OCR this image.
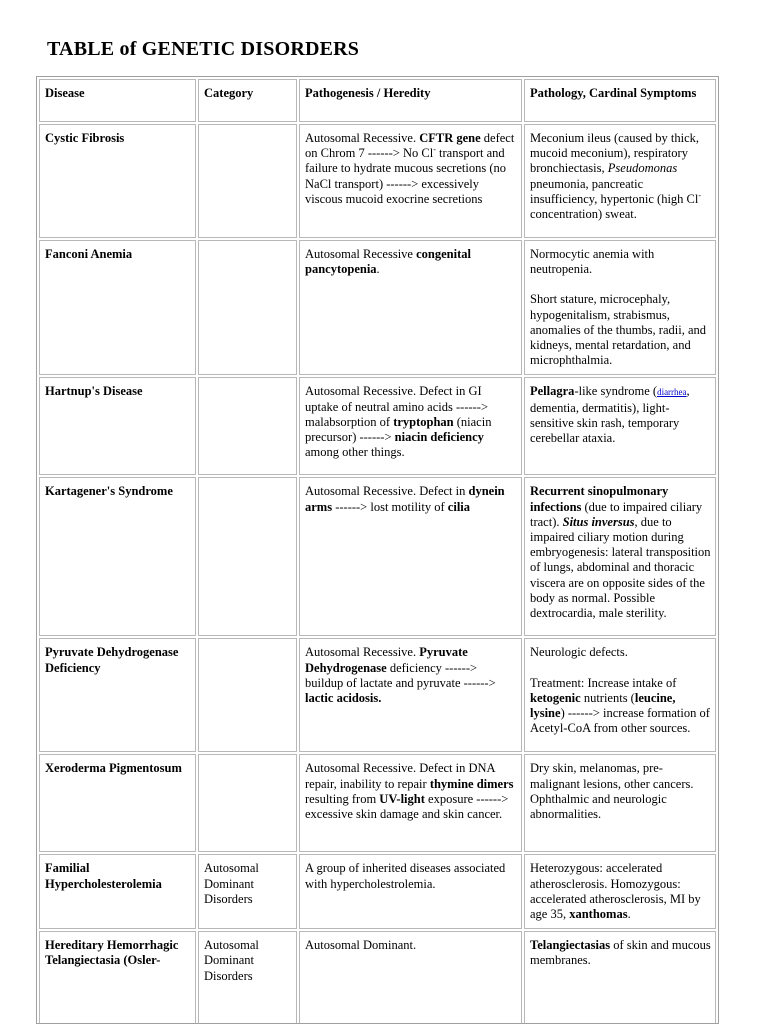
TABLE of GENETIC DISORDERS
Disease	Category	Pathogenesis / Heredity	Pathology, Cardinal Symptoms
Cystic Fibrosis		Autosomal Recessive. CFTR gene defect on Chrom 7 ------> No Cl- transport and failure to hydrate mucous secretions (no NaCl transport) ------> excessively viscous mucoid exocrine secretions	Meconium ileus (caused by thick, mucoid meconium), respiratory bronchiectasis, Pseudomonas pneumonia, pancreatic insufficiency, hypertonic (high Cl- concentration) sweat.
Fanconi Anemia		Autosomal Recessive congenital pancytopenia.	Normocytic anemia with neutropenia.
Short stature, microcephaly, hypogenitalism, strabismus, anomalies of the thumbs, radii, and kidneys, mental retardation, and microphthalmia.

Hartnup's Disease		Autosomal Recessive. Defect in GI uptake of neutral amino acids ------> malabsorption of tryptophan (niacin precursor) ------> niacin deficiency among other things.	Pellagra-like syndrome (diarrhea, dementia, dermatitis), light-sensitive skin rash, temporary cerebellar ataxia.
Kartagener's Syndrome		Autosomal Recessive. Defect in dynein arms ------> lost motility of cilia	Recurrent sinopulmonary infections (due to impaired ciliary tract). Situs inversus, due to impaired ciliary motion during embryogenesis: lateral transposition of lungs, abdominal and thoracic viscera are on opposite sides of the body as normal. Possible dextrocardia, male sterility.
Pyruvate Dehydrogenase Deficiency		Autosomal Recessive. Pyruvate Dehydrogenase deficiency ------> buildup of lactate and pyruvate ------> lactic acidosis.	Neurologic defects.
Treatment: Increase intake of ketogenic nutrients (leucine, lysine) ------> increase formation of Acetyl-CoA from other sources.

Xeroderma Pigmentosum		Autosomal Recessive. Defect in DNA repair, inability to repair thymine dimers resulting from UV-light exposure ------> excessive skin damage and skin cancer.	Dry skin, melanomas, pre-malignant lesions, other cancers. Ophthalmic and neurologic abnormalities.
Familial Hypercholesterolemia	Autosomal Dominant Disorders	A group of inherited diseases associated with hypercholestrolemia.	Heterozygous: accelerated atherosclerosis. Homozygous: accelerated atherosclerosis, MI by age 35, xanthomas.
Hereditary Hemorrhagic Telangiectasia (Osler-	Autosomal Dominant Disorders	Autosomal Dominant.	Telangiectasias of skin and mucous membranes.
